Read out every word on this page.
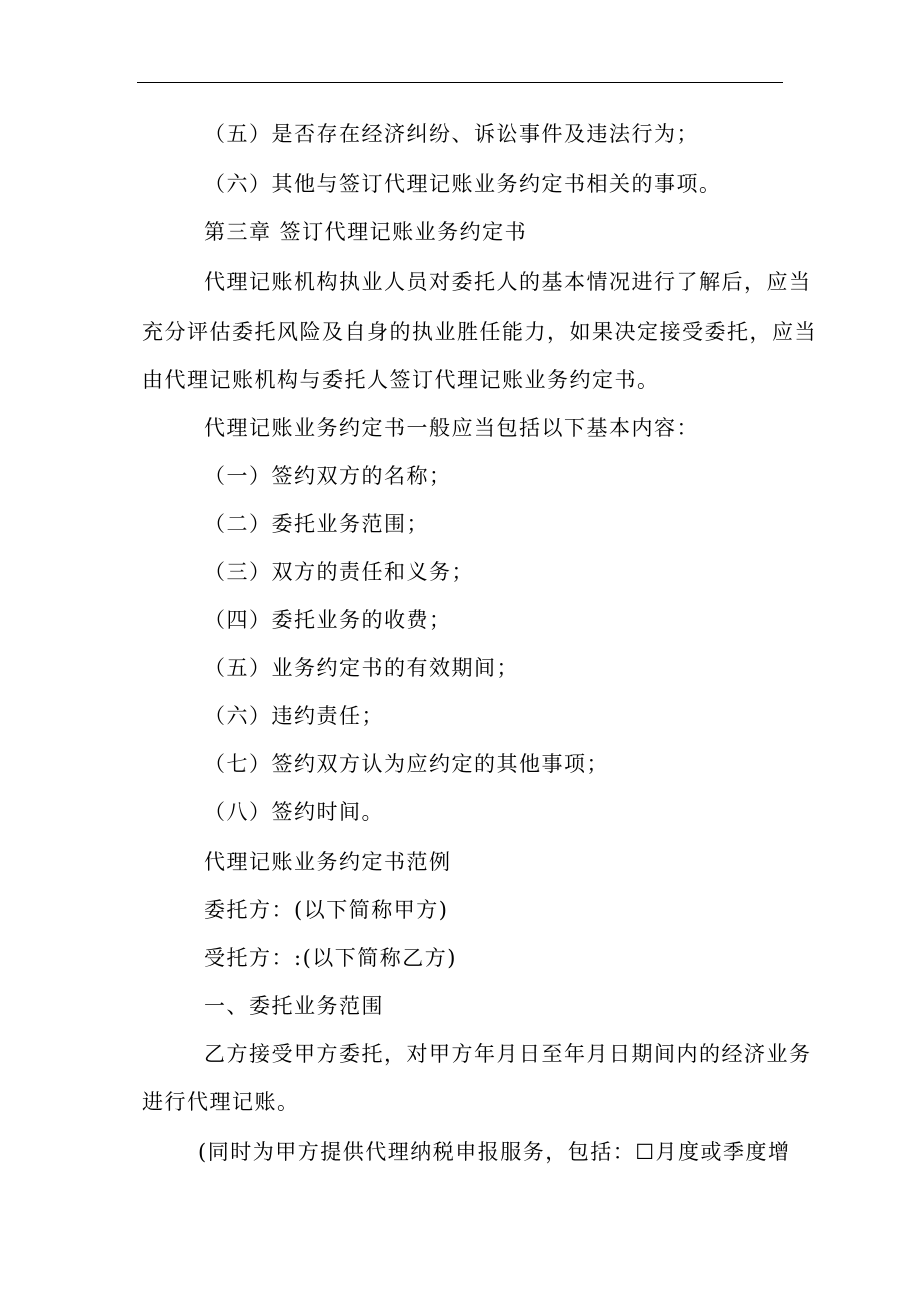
（五）是否存在经济纠纷、诉讼事件及违法行为；
（六）其他与签订代理记账业务约定书相关的事项。
第三章 签订代理记账业务约定书
代理记账机构执业人员对委托人的基本情况进行了解后，应当
充分评估委托风险及自身的执业胜任能力，如果决定接受委托，应当
由代理记账机构与委托人签订代理记账业务约定书。
代理记账业务约定书一般应当包括以下基本内容：
（一）签约双方的名称；
（二）委托业务范围；
（三）双方的责任和义务；
（四）委托业务的收费；
（五）业务约定书的有效期间；
（六）违约责任；
（七）签约双方认为应约定的其他事项；
（八）签约时间。
代理记账业务约定书范例
委托方：(以下简称甲方)
受托方：:(以下简称乙方)
一、委托业务范围
乙方接受甲方委托，对甲方年月日至年月日期间内的经济业务
进行代理记账。
(同时为甲方提供代理纳税申报服务，包括：☐月度或季度增
